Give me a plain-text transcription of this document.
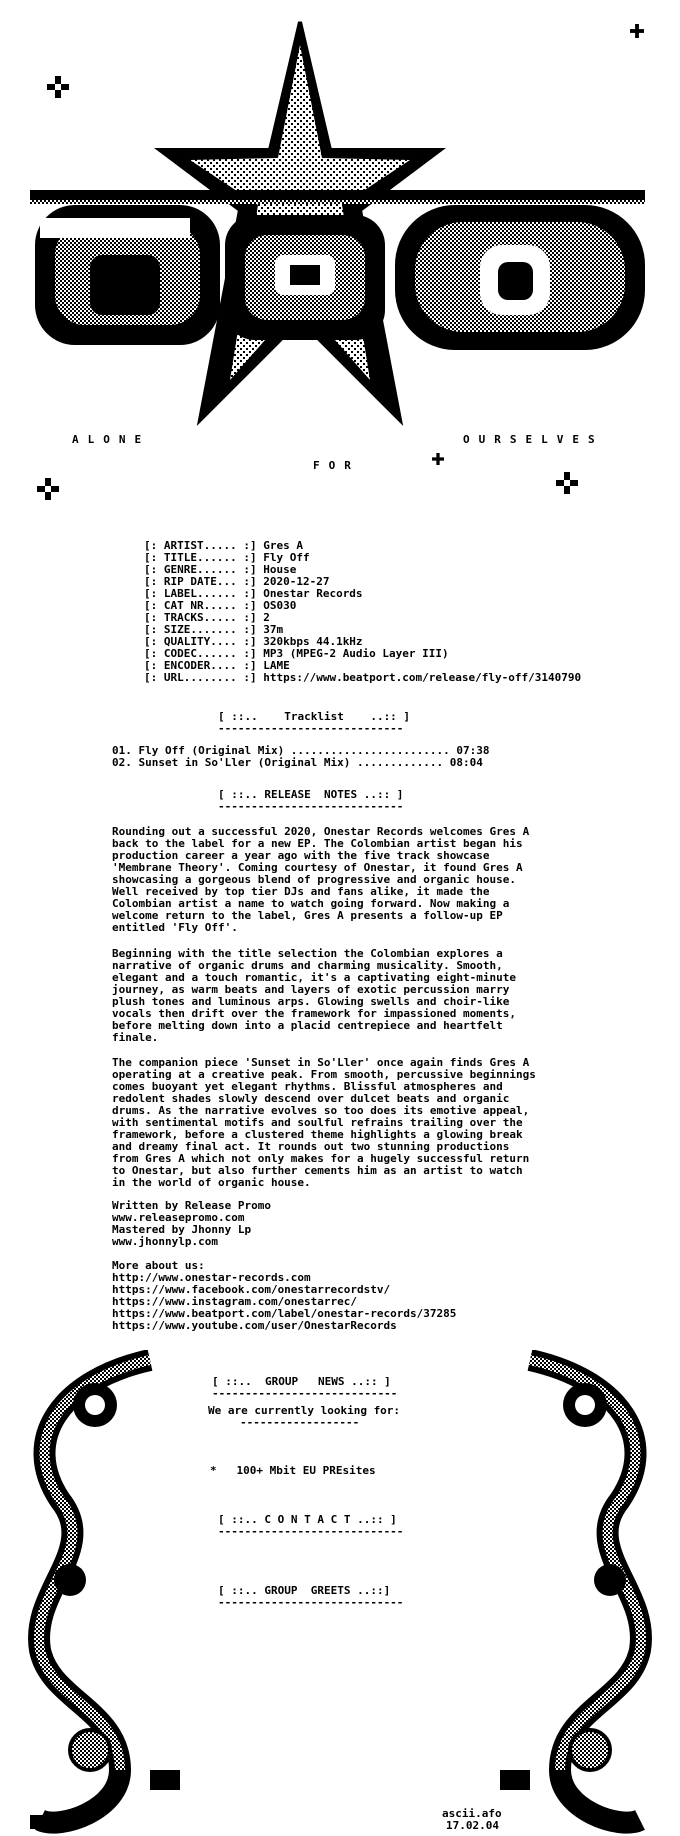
ALONE
FOR
OURSELVES
[: ARTIST..... :] Gres A
[: TITLE...... :] Fly Off
[: GENRE...... :] House
[: RIP DATE... :] 2020-12-27
[: LABEL...... :] Onestar Records
[: CAT NR..... :] OS030
[: TRACKS..... :] 2
[: SIZE....... :] 37m
[: QUALITY.... :] 320kbps 44.1kHz
[: CODEC...... :] MP3 (MPEG-2 Audio Layer III)
[: ENCODER.... :] LAME
[: URL........ :] https://www.beatport.com/release/fly-off/3140790
[ ::..    Tracklist    ..:: ]
----------------------------
01. Fly Off (Original Mix) ........................ 07:38
02. Sunset in So'Ller (Original Mix) ............. 08:04
[ ::.. RELEASE  NOTES ..:: ]
----------------------------
Rounding out a successful 2020, Onestar Records welcomes Gres A
back to the label for a new EP. The Colombian artist began his
production career a year ago with the five track showcase
'Membrane Theory'. Coming courtesy of Onestar, it found Gres A
showcasing a gorgeous blend of progressive and organic house.
Well received by top tier DJs and fans alike, it made the
Colombian artist a name to watch going forward. Now making a
welcome return to the label, Gres A presents a follow-up EP
entitled 'Fly Off'.
Beginning with the title selection the Colombian explores a
narrative of organic drums and charming musicality. Smooth,
elegant and a touch romantic, it's a captivating eight-minute
journey, as warm beats and layers of exotic percussion marry
plush tones and luminous arps. Glowing swells and choir-like
vocals then drift over the framework for impassioned moments,
before melting down into a placid centrepiece and heartfelt
finale.
The companion piece 'Sunset in So'Ller' once again finds Gres A
operating at a creative peak. From smooth, percussive beginnings
comes buoyant yet elegant rhythms. Blissful atmospheres and
redolent shades slowly descend over dulcet beats and organic
drums. As the narrative evolves so too does its emotive appeal,
with sentimental motifs and soulful refrains trailing over the
framework, before a clustered theme highlights a glowing break
and dreamy final act. It rounds out two stunning productions
from Gres A which not only makes for a hugely successful return
to Onestar, but also further cements him as an artist to watch
in the world of organic house.
Written by Release Promo
www.releasepromo.com
Mastered by Jhonny Lp
www.jhonnylp.com
More about us:
http://www.onestar-records.com
https://www.facebook.com/onestarrecordstv/
https://www.instagram.com/onestarrec/
https://www.beatport.com/label/onestar-records/37285
https://www.youtube.com/user/OnestarRecords
[ ::..  GROUP   NEWS ..:: ]
----------------------------
We are currently looking for:
------------------
*   100+ Mbit EU PREsites
[ ::.. C O N T A C T ..:: ]
----------------------------
[ ::.. GROUP  GREETS ..::]
----------------------------
ascii.afo
17.02.04
